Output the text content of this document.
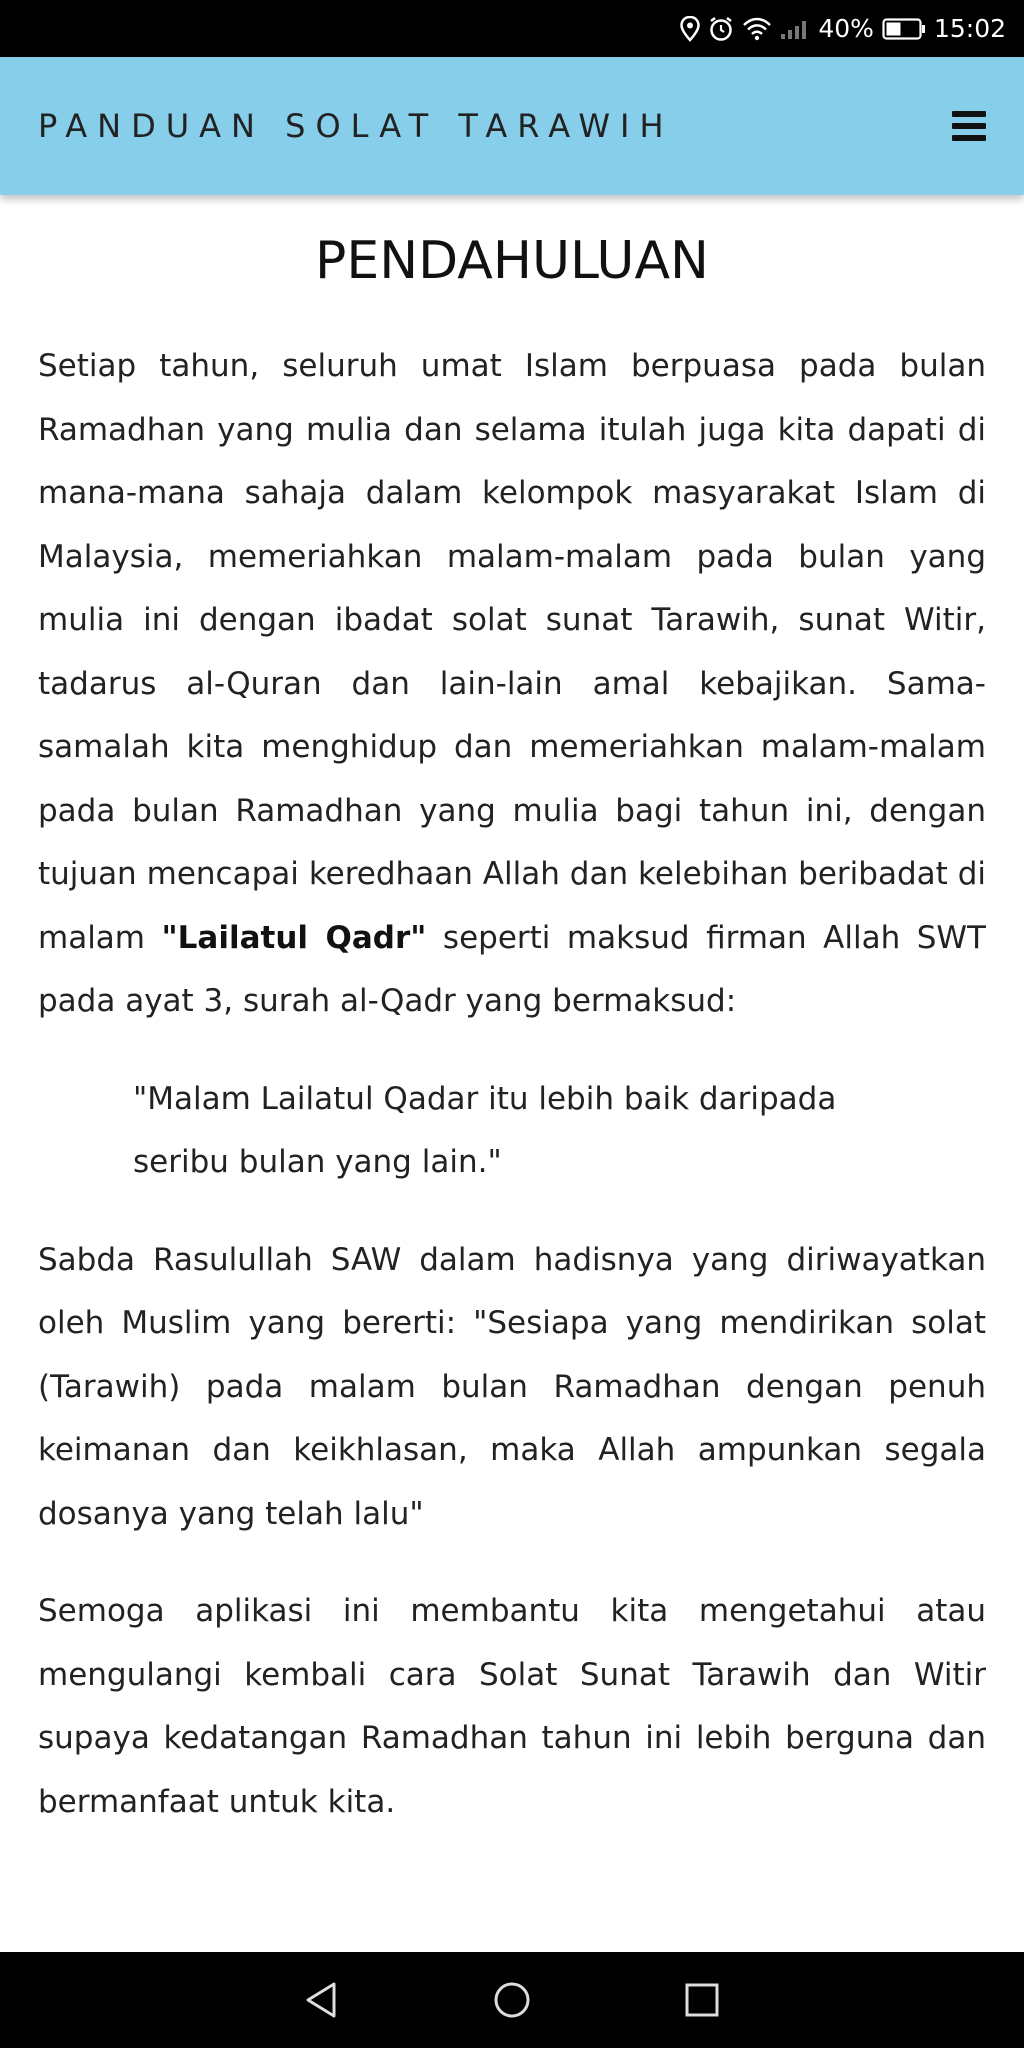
40% 15:02
PANDUAN SOLAT TARAWIH
PENDAHULUAN

Setiap tahun, seluruh umat Islam berpuasa pada bulan Ramadhan yang mulia dan selama itulah juga kita dapati di mana-mana sahaja dalam kelompok masyarakat Islam di Malaysia, memeriahkan malam-malam pada bulan yang mulia ini dengan ibadat solat sunat Tarawih, sunat Witir, tadarus al-Quran dan lain-lain amal kebajikan. Sama-samalah kita menghidup dan memeriahkan malam-malam pada bulan Ramadhan yang mulia bagi tahun ini, dengan tujuan mencapai keredhaan Allah dan kelebihan beribadat di malam "Lailatul Qadr" seperti maksud firman Allah SWT pada ayat 3, surah al-Qadr yang bermaksud:

"Malam Lailatul Qadar itu lebih baik daripada seribu bulan yang lain."

Sabda Rasulullah SAW dalam hadisnya yang diriwayatkan oleh Muslim yang bererti: "Sesiapa yang mendirikan solat (Tarawih) pada malam bulan Ramadhan dengan penuh keimanan dan keikhlasan, maka Allah ampunkan segala dosanya yang telah lalu"

Semoga aplikasi ini membantu kita mengetahui atau mengulangi kembali cara Solat Sunat Tarawih dan Witir supaya kedatangan Ramadhan tahun ini lebih berguna dan bermanfaat untuk kita.
